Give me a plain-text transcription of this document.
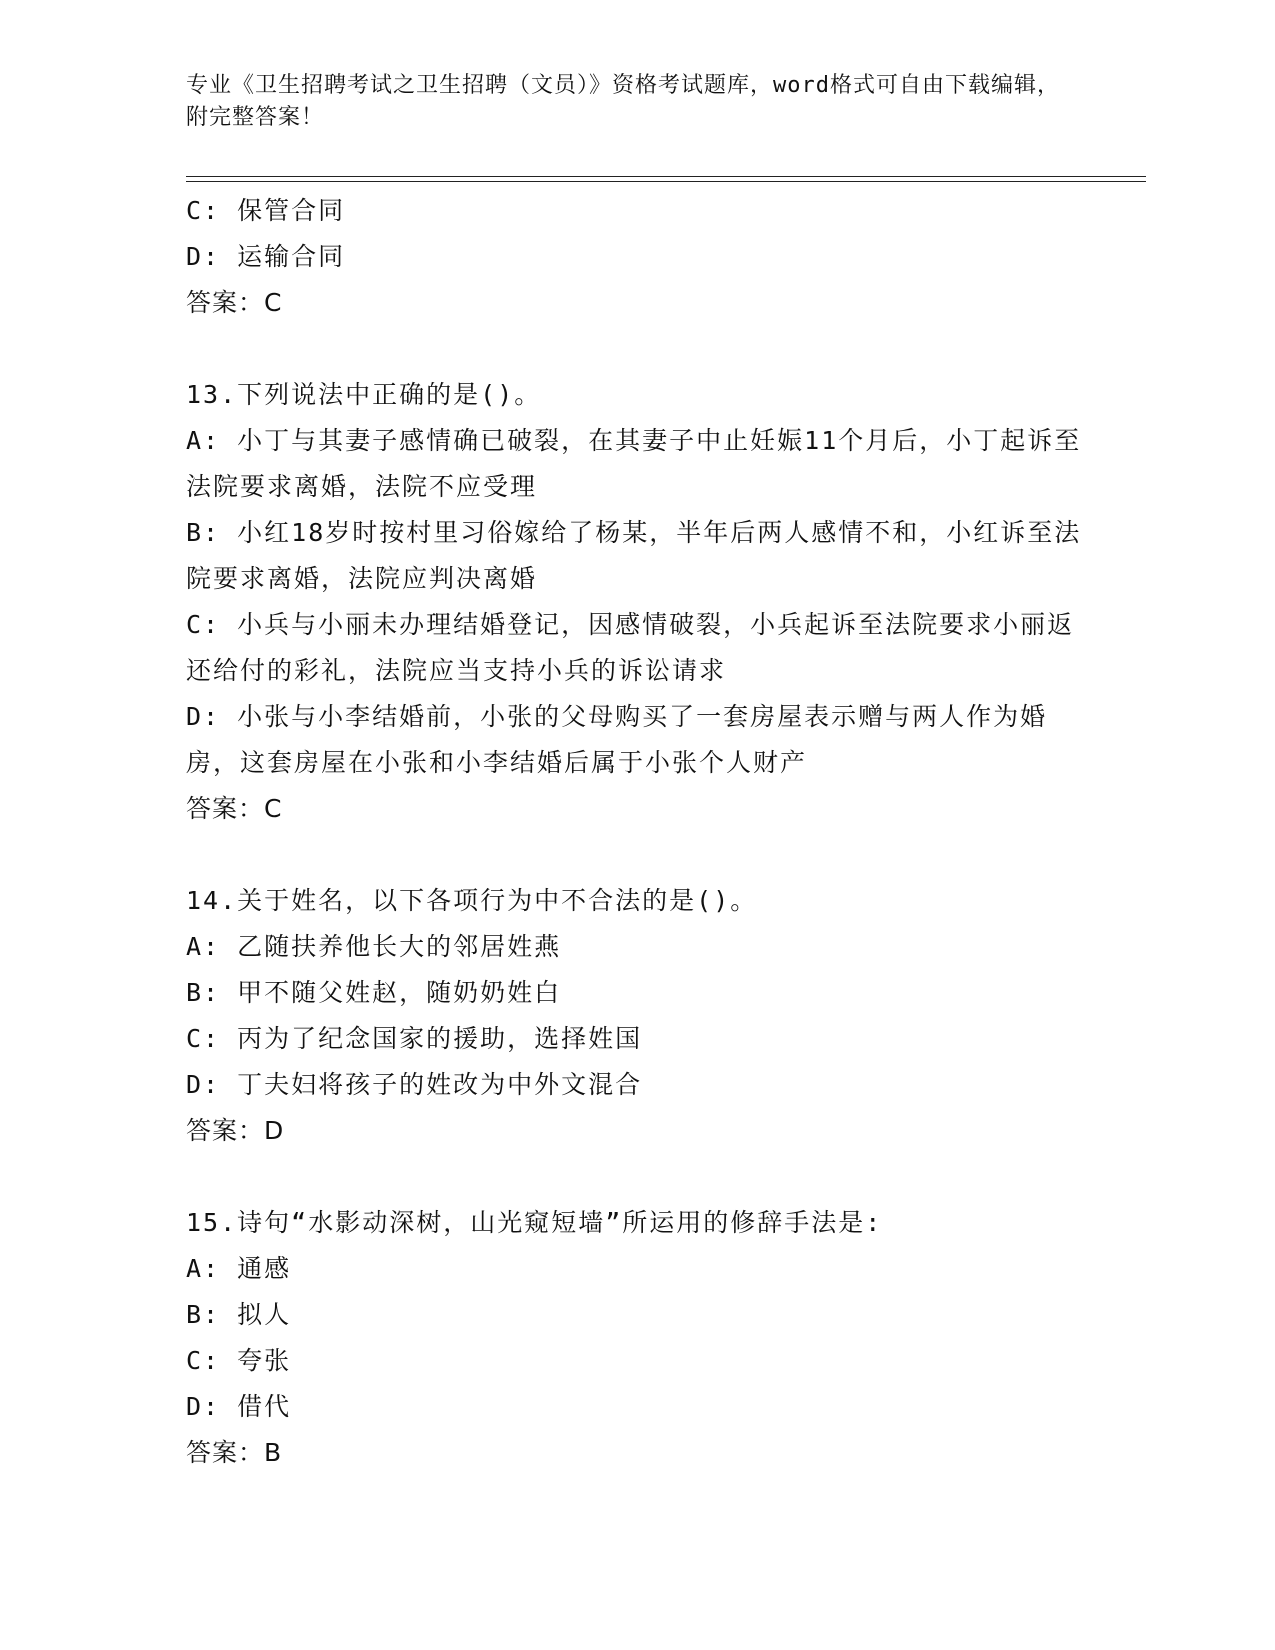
专业《卫生招聘考试之卫生招聘（文员）》资格考试题库，word格式可自由下载编辑，附完整答案！
C: 保管合同
D: 运输合同
答案：C
13.下列说法中正确的是()。
A: 小丁与其妻子感情确已破裂，在其妻子中止妊娠11个月后，小丁起诉至法院要求离婚，法院不应受理
B: 小红18岁时按村里习俗嫁给了杨某，半年后两人感情不和，小红诉至法院要求离婚，法院应判决离婚
C: 小兵与小丽未办理结婚登记，因感情破裂，小兵起诉至法院要求小丽返还给付的彩礼，法院应当支持小兵的诉讼请求
D: 小张与小李结婚前，小张的父母购买了一套房屋表示赠与两人作为婚房，这套房屋在小张和小李结婚后属于小张个人财产
答案：C
14.关于姓名，以下各项行为中不合法的是()。
A: 乙随扶养他长大的邻居姓燕
B: 甲不随父姓赵，随奶奶姓白
C: 丙为了纪念国家的援助，选择姓国
D: 丁夫妇将孩子的姓改为中外文混合
答案：D
15.诗句“水影动深树，山光窥短墙”所运用的修辞手法是:
A: 通感
B: 拟人
C: 夸张
D: 借代
答案：B
